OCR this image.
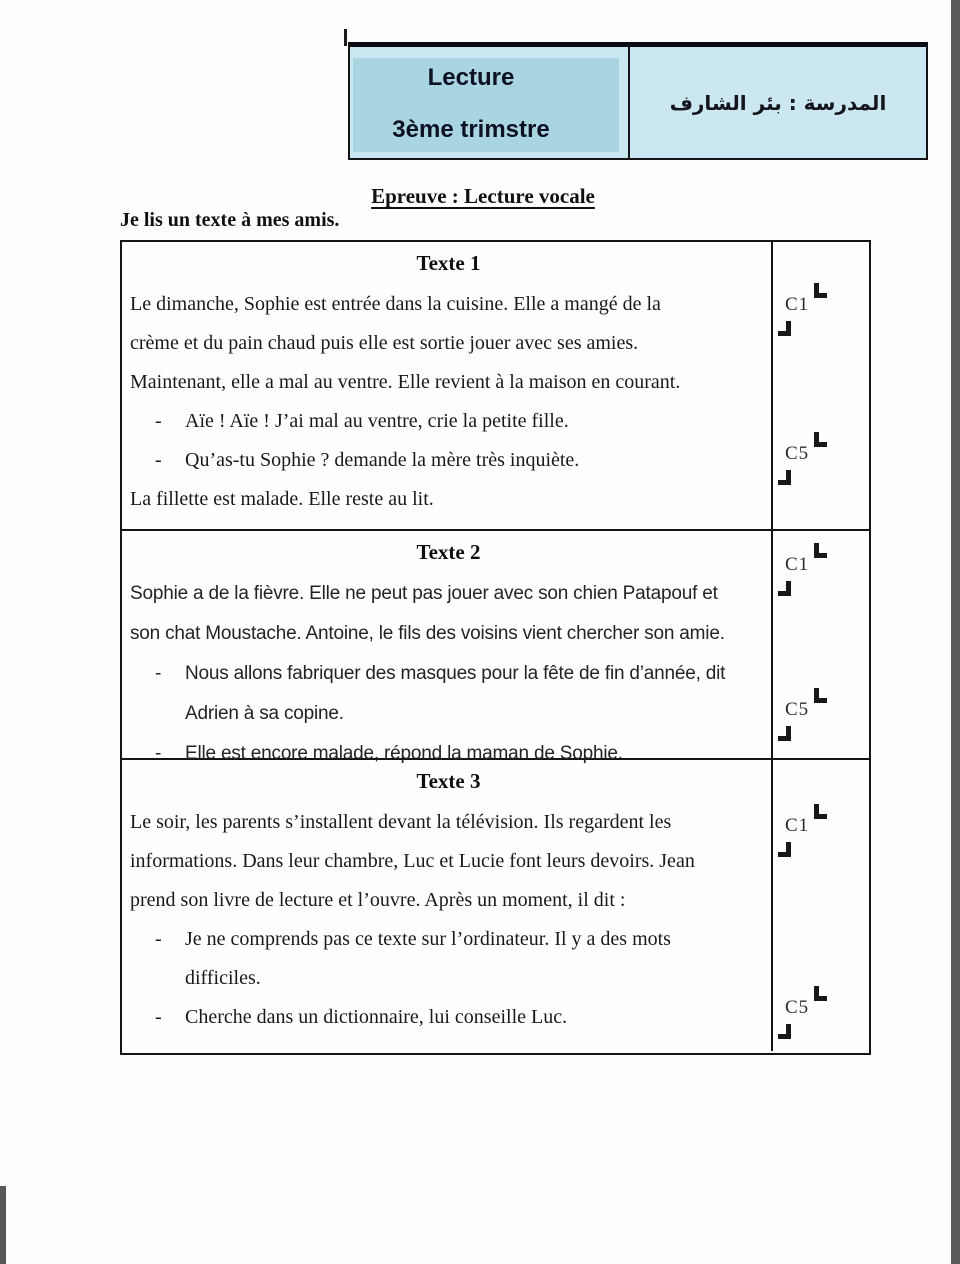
Lecture
3ème trimstre
المدرسة : بئر الشارف
Epreuve : Lecture vocale
Je lis un texte à mes amis.
Texte 1
Le dimanche, Sophie est entrée dans la cuisine. Elle a mangé de la
crème et du pain chaud puis elle est sortie jouer avec ses amies.
Maintenant, elle a mal au ventre. Elle revient à la maison en courant.
- Aïe ! Aïe ! J’ai mal au ventre, crie la petite fille.
- Qu’as-tu Sophie ? demande la mère très inquiète.
La fillette est malade. Elle reste au lit.
C1
C5
Texte 2
Sophie a de la fièvre. Elle ne peut pas jouer avec son chien Patapouf et
son chat Moustache. Antoine, le fils des voisins vient chercher son amie.
- Nous allons fabriquer des masques pour la fête de fin d’année, dit
Adrien à sa copine.
- Elle est encore malade, répond la maman de Sophie.
C1
C5
Texte 3
Le soir, les parents s’installent devant la télévision. Ils regardent les
informations. Dans leur chambre, Luc et Lucie font leurs devoirs. Jean
prend son livre de lecture et l’ouvre. Après un moment, il dit :
- Je ne comprends pas ce texte sur l’ordinateur. Il y a des mots
difficiles.
- Cherche dans un dictionnaire, lui conseille Luc.
C1
C5
